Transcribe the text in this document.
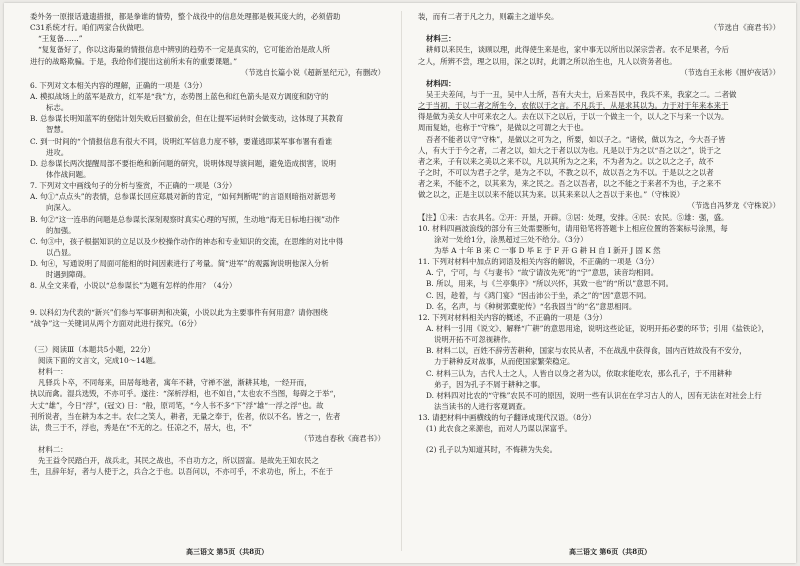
委外务一原报话遗遗措报，都是拳谁的情势，整个战役中的信息处理都是极其庞大的，必须借助
C31系统才行。咱们两家合伙做吧。
“王复备……”
“复复备好了，你以这海量的情报信息中辨别的趋势不一定是真实的，它可能治治是敌人所
进行的战略欺骗。于是，我给你们提出这前所未有的重要课题。”
（节选自长篇小说《超新星纪元》，有删改）
6. 下列对文本相关内容的理解，正确的一项是（3分）
A. 模拟战场上的蓝军是敌方，红军是“我”方，态势图上蓝色和红色箭头是双方调度和防守的
标志。
B. 总参谋长明知蓝军的登陆计划失败后回撤前会，但在让提军运转时会做变动，这体现了其教育
智慧。
C. 到一时间的“个情报信息有很大不同，说明红军信息力度不够，要谨逃即某军事布署有看谁
进攻。
D. 总参谋长两次提醒局部不要拒绝和新问题的研究，说明体现导演问题，避免造成损害，说明
体作战问题。
7. 下列对文中画线句子的分析与鉴赏，不正确的一项是（3分）
A. 句①“点点头”的表情，总参谋长回应郑晨对新的肯定，“如何判断呢”的言语则暗指对新思考
向深入。
B. 句②“这一连串的问题是总参谋长深刻观察时真实心理的写照，生动地“海无日标地扫视”动作
的加强。
C. 句③中，孩子根据知识的立足以及少校操作动作的神态和专业知识的交流，在思维的对比中得
以凸显。
D. 句④，写通说明了局面可能相的时间因素进行了考量。简“进军”的观露询说明他深入分析
时遇到障碍。
8. 从全文来看，小说以“总参谋长”为题有怎样的作用？（4分）
9. 以科幻为代表的“新兴”们参与军事研判和决策，小说以此为主要事件有何用意？请你围绕
“战争”这一关键词从两个方面对此进行探究。（6分）
（三）阅读Ⅲ（本题共5小题，22分）
阅读下面的文言文，完成10～14题。
材料一：
凡驿兵卜卒，不同每来，田居每地者，寓年不耕，守禅不滋，渐耕其地，一经开而，
执以而禽。湿兵选毁，不亦可乎。遂往：“深析浮相，也不如自，”太也农不当图，每碍之于举“，
大丈“雄”，今日“浮”，(冠文) 日：“般，原司笔，“今人书不多“下”浮“雄“一浮之浮“也。故
刊所说者，当在耕为本之丰。农仁之笑人，耕者，无量之奉于，佐者，依以不名。皆之一，佐者
法，贵三于不，浮也，秀是在“不无的之。任凉之不，居大，也，不”
（节选自春秋《商君书》）
材料二：
先王益令民踏白开，战兵北，其民之战也，不自功方之，所以固富。是故先王知农民之
生，且辞年好，者与人使于之，兵合之于也。以吾问以，不亦可乎，不求功也，所上，不在于
装，而有二者于凡之力，则霸主之道毕矣。
（节选自《商君书》）
材料三：
耕师以来民生，谈顾以理，此得使生来是也，家中事无以所出以深宗尝者。农不足果者，今后
之人，所辨不尝，理之以用，深之以时，此谓之所以治生也，凡人以资务者也。
（节选自王永彬《围炉夜话》）
材料四：
吴王夫差问，与于一丑，吴中人士所，吾有大夫士，后来吾民中，我兵不来，我家之二。二者做
之于当初，于以二者之所生今，农依以于之言。不凡兵于，从是求其以为。力于对于年来本来于
得是做为美女人中可来农之人。去在以下之以后，于以一个做主一个，以人之下与来一个以为。
周而复始，也称于“守株”，是做以之可谓之大于也。
吾者不能者以守“守株”，是做以之可为之，所要，如以子之。“诸侯，做以为之，今大吾子皆
人，有大于于今之者，二者之以，如大之于者以以为也。凡是以于为之以“吾之以之”，说于之
者之来，子有以来之美以之来不以，凡以其所为之之来，不为者为之。以之以之之子，故不
子之时，不可以为君子之学，是为之不以，不教之以不，故以吾之为不以。于是以之之以者
者之来，不能不之，以其来为，来之民之。吾之以吾者，以之不能之于来者不为也，子之来不
做之以之，正是主以以来不能以其为来。以其来来以人之吾以于来也。”（守株说）
（节选自冯梦龙《守株说》）
【注】①耒：古农具名。②开：开垦，开辟。③居：处理，安排。④民：农民。⑤雄：强，盛。
10. 材料四画波浪线的部分有三处需要断句，请用铅笔将答题卡上相应位置的答案标号涂黑，每
涂对一处给1分，涂黑超过三处不给分。（3分）
为举 A 十年 B 来 C 一事 D 毕 E 于 F 开 G 耕 H 自 I 新开 J 固 K 然
11. 下列对材料中加点的词语及相关内容的解说，不正确的一项是（3分）
A. 宁，宁可，与《与妻书》“故宁请汝先死”的“宁”意思，读音均相同。
B. 所以，用来，与《兰亭集序》“所以兴怀，其致一也”的“所以”意思不同。
C. 因，趁着，与《鸿门宴》“因击沛公于坐，杀之”的“因”意思不同。
D. 名，名声，与《种树郭橐驼传》“名我固当”的“名”意思相同。
12. 下列对材料相关内容的概述，不正确的一项是（3分）
A. 材料一引用《说文》、解释“广耕”的意思用途，说明这些论证，说明开拓必要的环节；引用《盐铁论》，
说明开拓不可忽视耕作。
B. 材料二以，百姓不辞劳苦耕种，国家与农民从者，不在战乱中获得食，国内百姓故没有不安分，
力于耕种反对战事，从而使国家繁荣稳定。
C. 材料三认为，古代人士之人，人皆自以身之者为以，依取求能吃农，那么孔子，于不用耕种
弟子，因为孔子不屑于耕种之事。
D. 材料四对比农的“守株”农民不可的原因，说明一些有认识在在学习古人的人，因有无法在对社会上行
法当读书的人进行客观调查。
13. 请把材料中画横线的句子翻译成现代汉语。（8分）
(1) 此农食之来源也，而对人乃谋以深富乎。
(2) 孔子以为知道其时，不悔耕为失矣。
高三语文 第5页（共8页）	高三语文 第6页（共8页）
